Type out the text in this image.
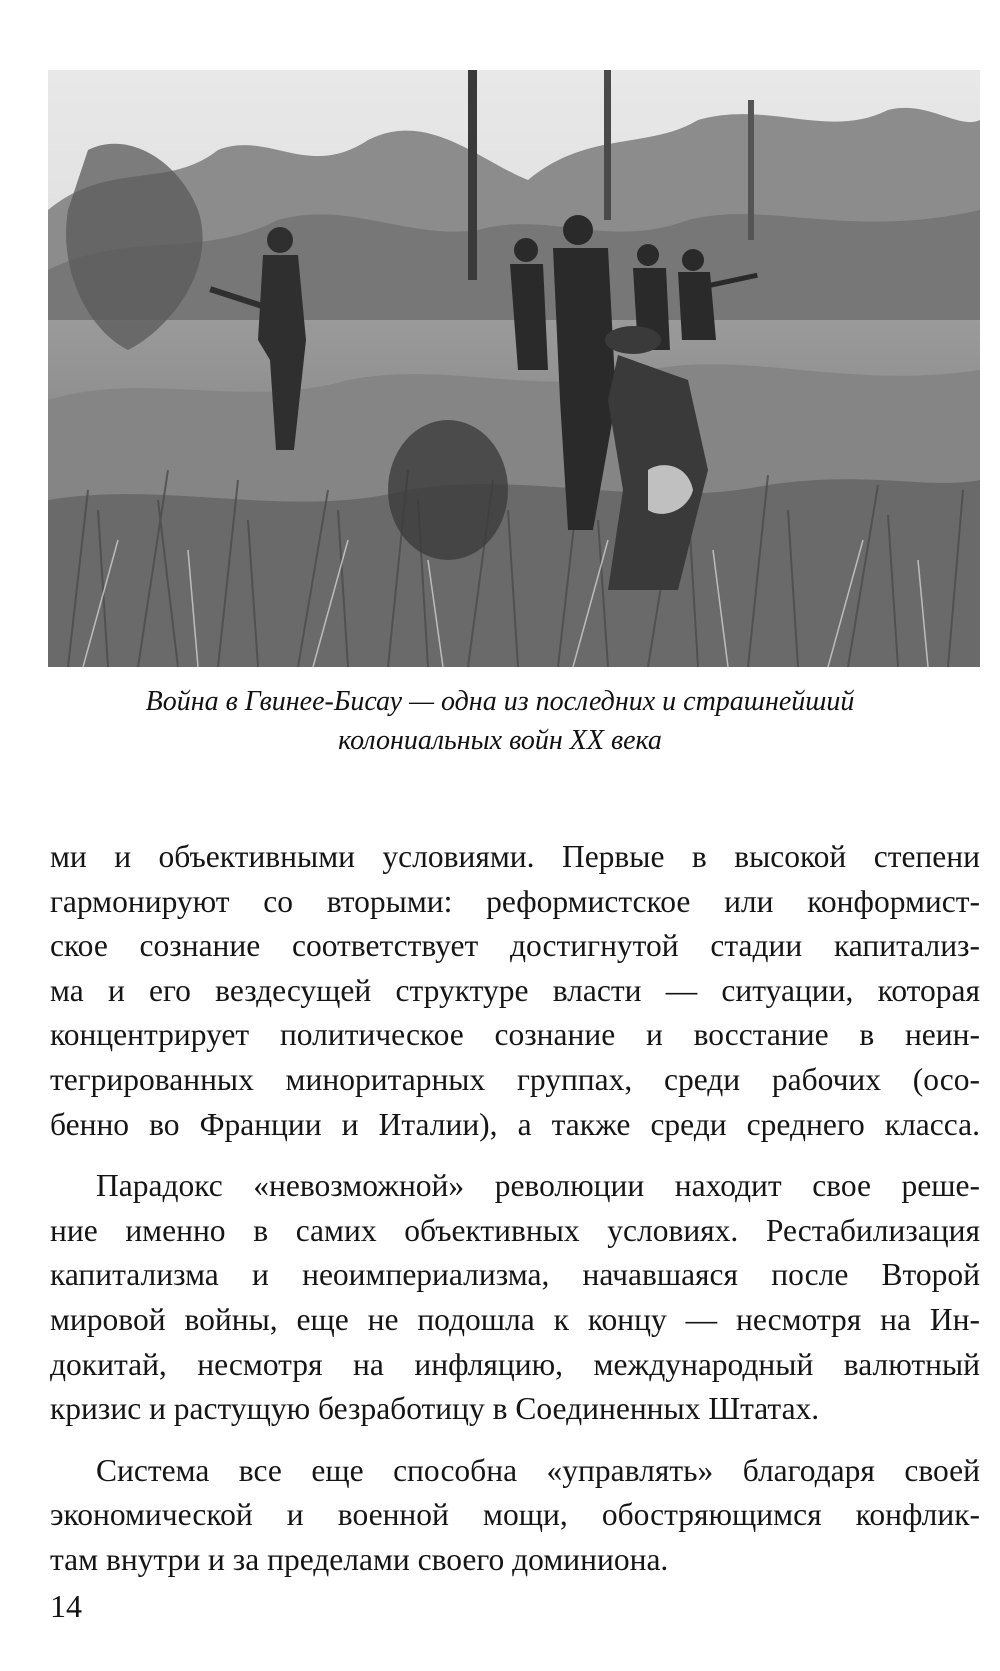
Война в Гвинее-Бисау — одна из последних и страшнейший
колониальных войн XX века
ми и объективными условиями. Первые в высокой степени
гармонируют со вторыми: реформистское или конформист-
ское сознание соответствует достигнутой стадии капитализ-
ма и его вездесущей структуре власти — ситуации, которая
концентрирует политическое сознание и восстание в неин-
тегрированных миноритарных группах, среди рабочих (осо-
бенно во Франции и Италии), а также среди среднего класса.
Парадокс «невозможной» революции находит свое реше-
ние именно в самих объективных условиях. Рестабилизация
капитализма и неоимпериализма, начавшаяся после Второй
мировой войны, еще не подошла к концу — несмотря на Ин-
докитай, несмотря на инфляцию, международный валютный
кризис и растущую безработицу в Соединенных Штатах.
Система все еще способна «управлять» благодаря своей
экономической и военной мощи, обостряющимся конфлик-
там внутри и за пределами своего доминиона.
14
